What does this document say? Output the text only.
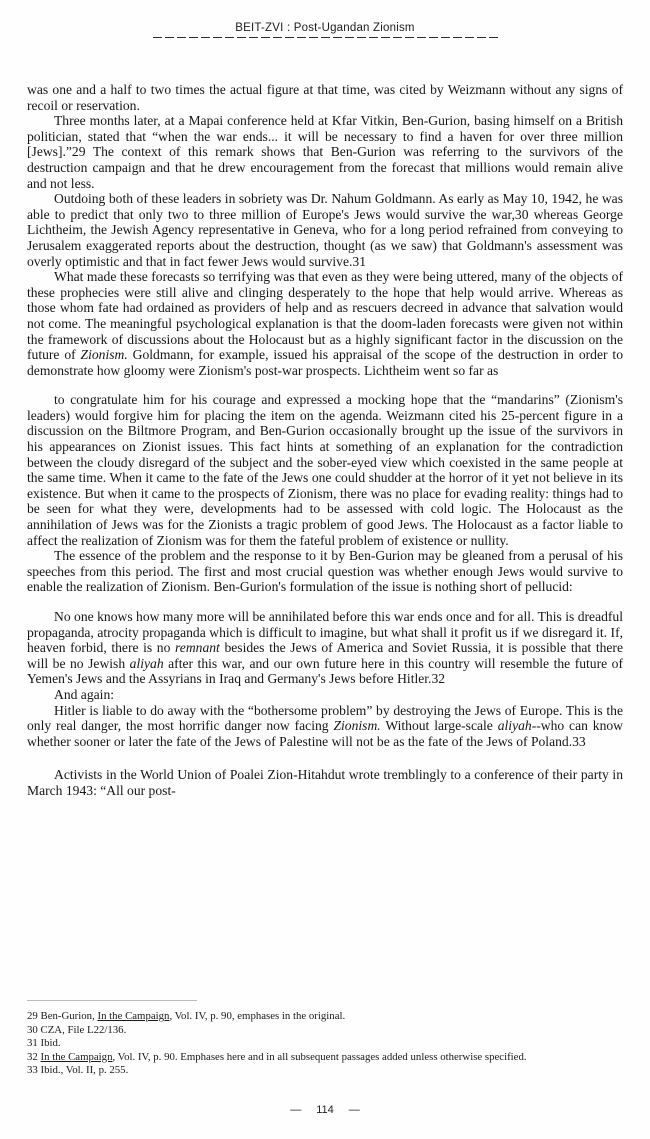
BEIT-ZVI : Post-Ugandan Zionism

was one and a half to two times the actual figure at that time, was cited by Weizmann without any signs of recoil or reservation.

Three months later, at a Mapai conference held at Kfar Vitkin, Ben-Gurion, basing himself on a British politician, stated that “when the war ends... it will be necessary to find a haven for over three million [Jews].”29 The context of this remark shows that Ben-Gurion was referring to the survivors of the destruction campaign and that he drew encouragement from the forecast that millions would remain alive and not less.

Outdoing both of these leaders in sobriety was Dr. Nahum Goldmann. As early as May 10, 1942, he was able to predict that only two to three million of Europe's Jews would survive the war,30 whereas George Lichtheim, the Jewish Agency representative in Geneva, who for a long period refrained from conveying to Jerusalem exaggerated reports about the destruction, thought (as we saw) that Goldmann's assessment was overly optimistic and that in fact fewer Jews would survive.31

What made these forecasts so terrifying was that even as they were being uttered, many of the objects of these prophecies were still alive and clinging desperately to the hope that help would arrive. Whereas as those whom fate had ordained as providers of help and as rescuers decreed in advance that salvation would not come. The meaningful psychological explanation is that the doom-laden forecasts were given not within the framework of discussions about the Holocaust but as a highly significant factor in the discussion on the future of Zionism. Goldmann, for example, issued his appraisal of the scope of the destruction in order to demonstrate how gloomy were Zionism's post-war prospects. Lichtheim went so far as

to congratulate him for his courage and expressed a mocking hope that the “mandarins” (Zionism's leaders) would forgive him for placing the item on the agenda. Weizmann cited his 25-percent figure in a discussion on the Biltmore Program, and Ben-Gurion occasionally brought up the issue of the survivors in his appearances on Zionist issues. This fact hints at something of an explanation for the contradiction between the cloudy disregard of the subject and the sober-eyed view which coexisted in the same people at the same time. When it came to the fate of the Jews one could shudder at the horror of it yet not believe in its existence. But when it came to the prospects of Zionism, there was no place for evading reality: things had to be seen for what they were, developments had to be assessed with cold logic. The Holocaust as the annihilation of Jews was for the Zionists a tragic problem of good Jews. The Holocaust as a factor liable to affect the realization of Zionism was for them the fateful problem of existence or nullity.

The essence of the problem and the response to it by Ben-Gurion may be gleaned from a perusal of his speeches from this period. The first and most crucial question was whether enough Jews would survive to enable the realization of Zionism. Ben-Gurion's formulation of the issue is nothing short of pellucid:

No one knows how many more will be annihilated before this war ends once and for all. This is dreadful propaganda, atrocity propaganda which is difficult to imagine, but what shall it profit us if we disregard it. If, heaven forbid, there is no remnant besides the Jews of America and Soviet Russia, it is possible that there will be no Jewish aliyah after this war, and our own future here in this country will resemble the future of Yemen's Jews and the Assyrians in Iraq and Germany's Jews before Hitler.32

And again:

Hitler is liable to do away with the “bothersome problem” by destroying the Jews of Europe. This is the only real danger, the most horrific danger now facing Zionism. Without large-scale aliyah--who can know whether sooner or later the fate of the Jews of Palestine will not be as the fate of the Jews of Poland.33

Activists in the World Union of Poalei Zion-Hitahdut wrote tremblingly to a conference of their party in March 1943: “All our post-

29 Ben-Gurion, In the Campaign, Vol. IV, p. 90, emphases in the original.

30 CZA, File L22/136.

31 Ibid.

32 In the Campaign, Vol. IV, p. 90. Emphases here and in all subsequent passages added unless otherwise specified.

33 Ibid., Vol. II, p. 255.

— 114 —
